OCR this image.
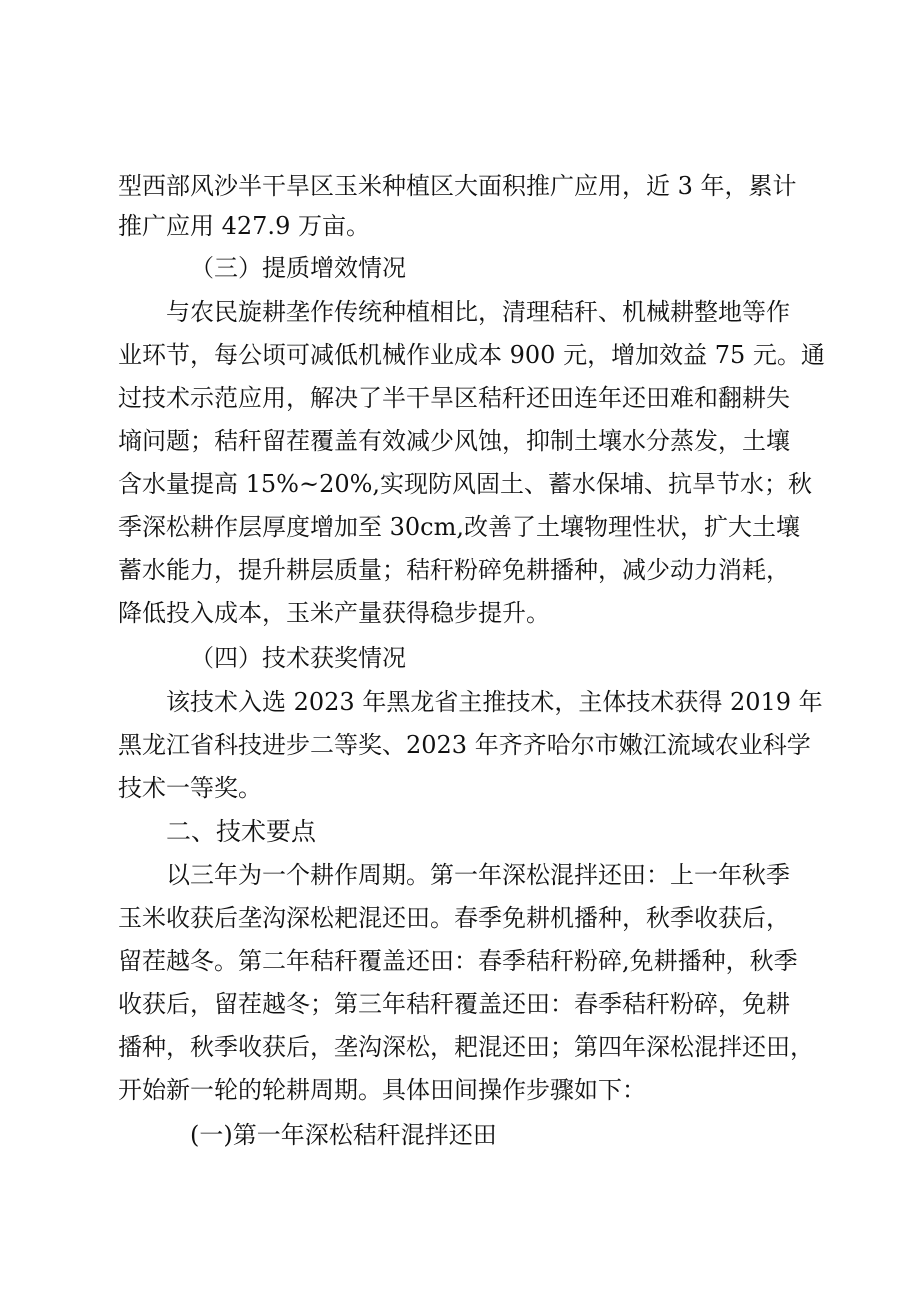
型西部风沙半干旱区玉米种植区大面积推广应用，近 3 年，累计
推广应用 427.9 万亩。
（三）提质增效情况
与农民旋耕垄作传统种植相比，清理秸秆、机械耕整地等作
业环节，每公顷可减低机械作业成本 900 元，增加效益 75 元。通
过技术示范应用，解决了半干旱区秸秆还田连年还田难和翻耕失
墒问题；秸秆留茬覆盖有效减少风蚀，抑制土壤水分蒸发，土壤
含水量提高 15%~20%,实现防风固土、蓄水保埔、抗旱节水；秋
季深松耕作层厚度增加至 30cm,改善了土壤物理性状，扩大土壤
蓄水能力，提升耕层质量；秸秆粉碎免耕播种，减少动力消耗，
降低投入成本，玉米产量获得稳步提升。
（四）技术获奖情况
该技术入选 2023 年黑龙省主推技术，主体技术获得 2019 年
黑龙江省科技进步二等奖、2023 年齐齐哈尔市嫩江流域农业科学
技术一等奖。
二、技术要点
以三年为一个耕作周期。第一年深松混拌还田：上一年秋季
玉米收获后垄沟深松耙混还田。春季免耕机播种，秋季收获后，
留茬越冬。第二年秸秆覆盖还田：春季秸秆粉碎,免耕播种，秋季
收获后，留茬越冬；第三年秸秆覆盖还田：春季秸秆粉碎，免耕
播种，秋季收获后，垄沟深松，耙混还田；第四年深松混拌还田，
开始新一轮的轮耕周期。具体田间操作步骤如下：
(一)第一年深松秸秆混拌还田
